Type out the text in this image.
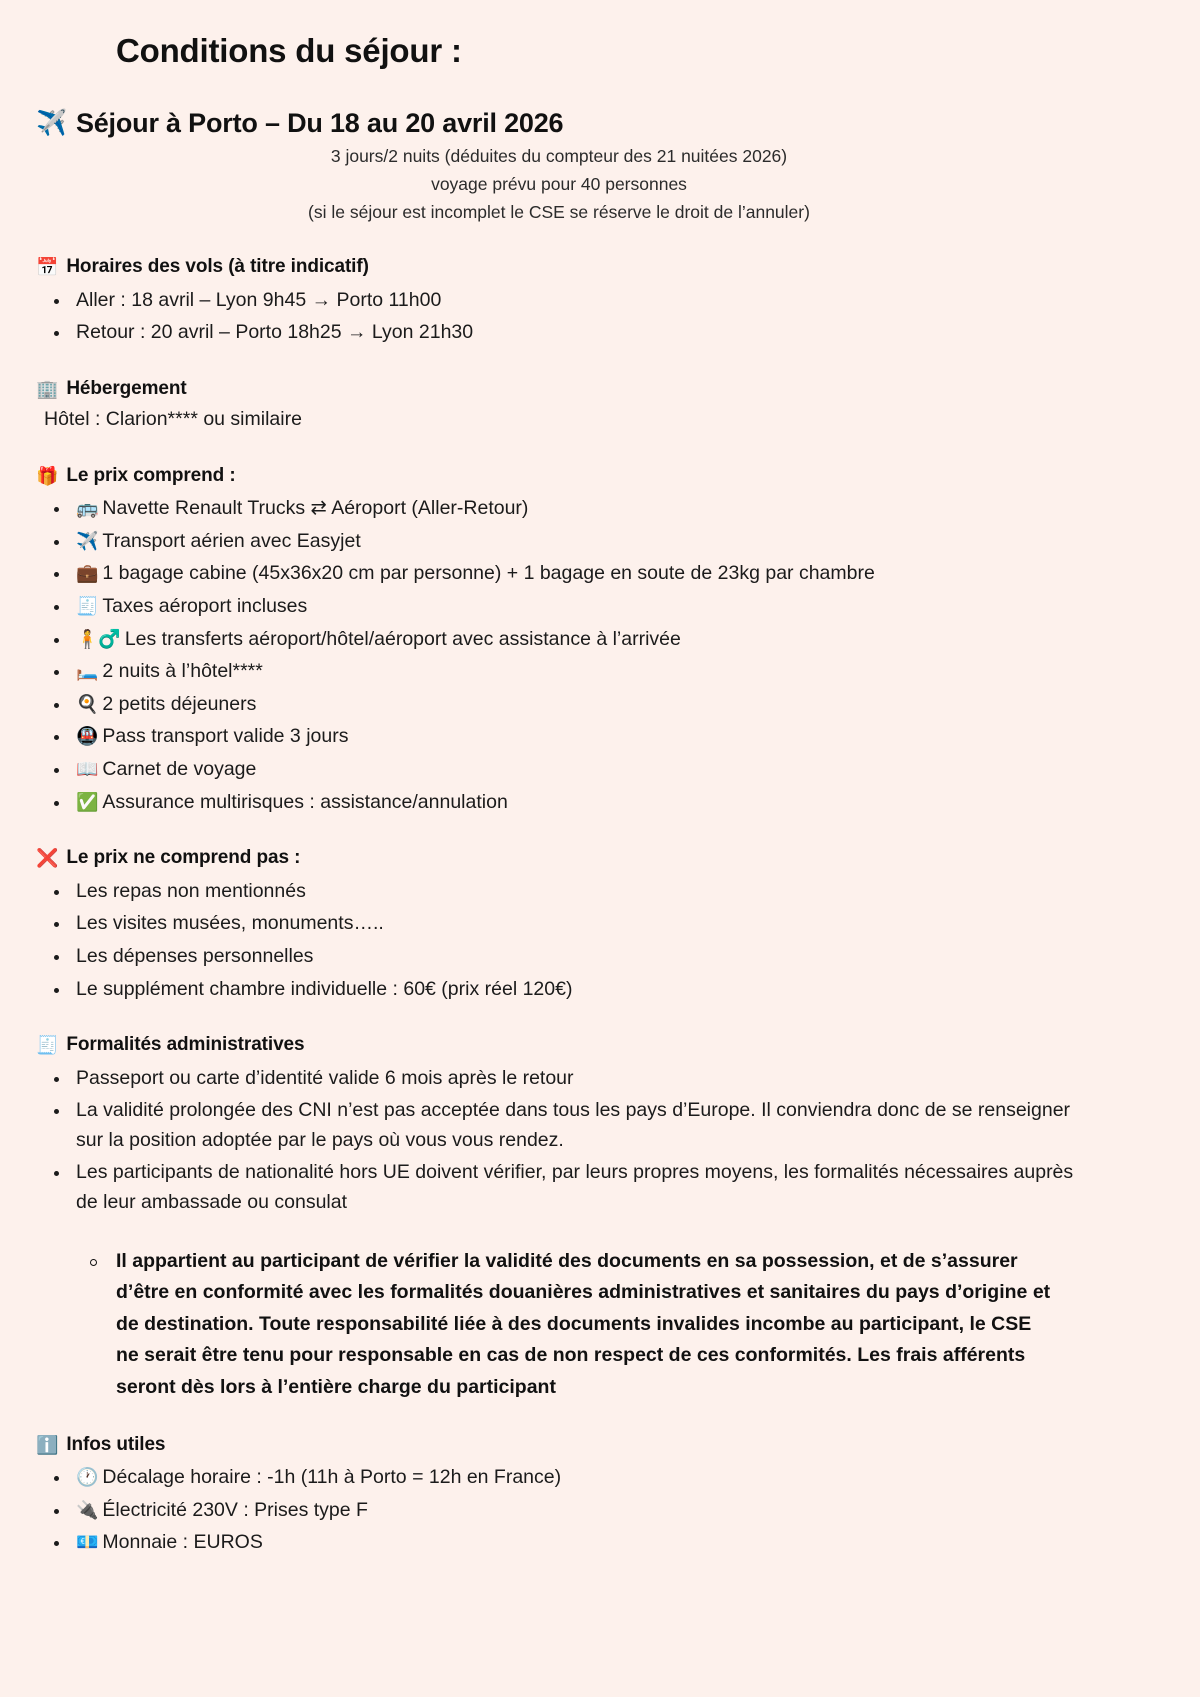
Conditions du séjour :
✈️ Séjour à Porto – Du 18 au 20 avril 2026
3 jours/2 nuits (déduites du compteur des 21 nuitées 2026)
voyage prévu pour 40 personnes
(si le séjour est incomplet le CSE se réserve le droit de l’annuler)
📅 Horaires des vols (à titre indicatif)
Aller : 18 avril – Lyon 9h45 → Porto 11h00
Retour : 20 avril – Porto 18h25 → Lyon 21h30
🏢 Hébergement
Hôtel : Clarion**** ou similaire
🎁 Le prix comprend :
🚌 Navette Renault Trucks ⇄ Aéroport (Aller-Retour)
✈️ Transport aérien avec Easyjet
💼 1 bagage cabine (45x36x20 cm par personne) + 1 bagage en soute de 23kg par chambre
🧾 Taxes aéroport incluses
🧍♂️ Les transferts aéroport/hôtel/aéroport avec assistance à l’arrivée
🛏️ 2 nuits à l’hôtel****
🍳 2 petits déjeuners
🚇 Pass transport valide 3 jours
📖 Carnet de voyage
✅ Assurance multirisques : assistance/annulation
❌ Le prix ne comprend pas :
Les repas non mentionnés
Les visites musées, monuments…..
Les dépenses personnelles
Le supplément chambre individuelle : 60€ (prix réel 120€)
🧾 Formalités administratives
Passeport ou carte d’identité valide 6 mois après le retour
La validité prolongée des CNI n’est pas acceptée dans tous les pays d’Europe. Il conviendra donc de se renseigner sur la position adoptée par le pays où vous vous rendez.
Les participants de nationalité hors UE doivent vérifier, par leurs propres moyens, les formalités nécessaires auprès de leur ambassade ou consulat
Il appartient au participant de vérifier la validité des documents en sa possession, et de s’assurer d’être en conformité avec les formalités douanières administratives et sanitaires du pays d’origine et de destination. Toute responsabilité liée à des documents invalides incombe au participant, le CSE ne serait être tenu pour responsable en cas de non respect de ces conformités. Les frais afférents seront dès lors à l’entière charge du participant
ℹ️ Infos utiles
🕐 Décalage horaire : -1h (11h à Porto = 12h en France)
🔌 Électricité 230V : Prises type F
💶 Monnaie : EUROS
